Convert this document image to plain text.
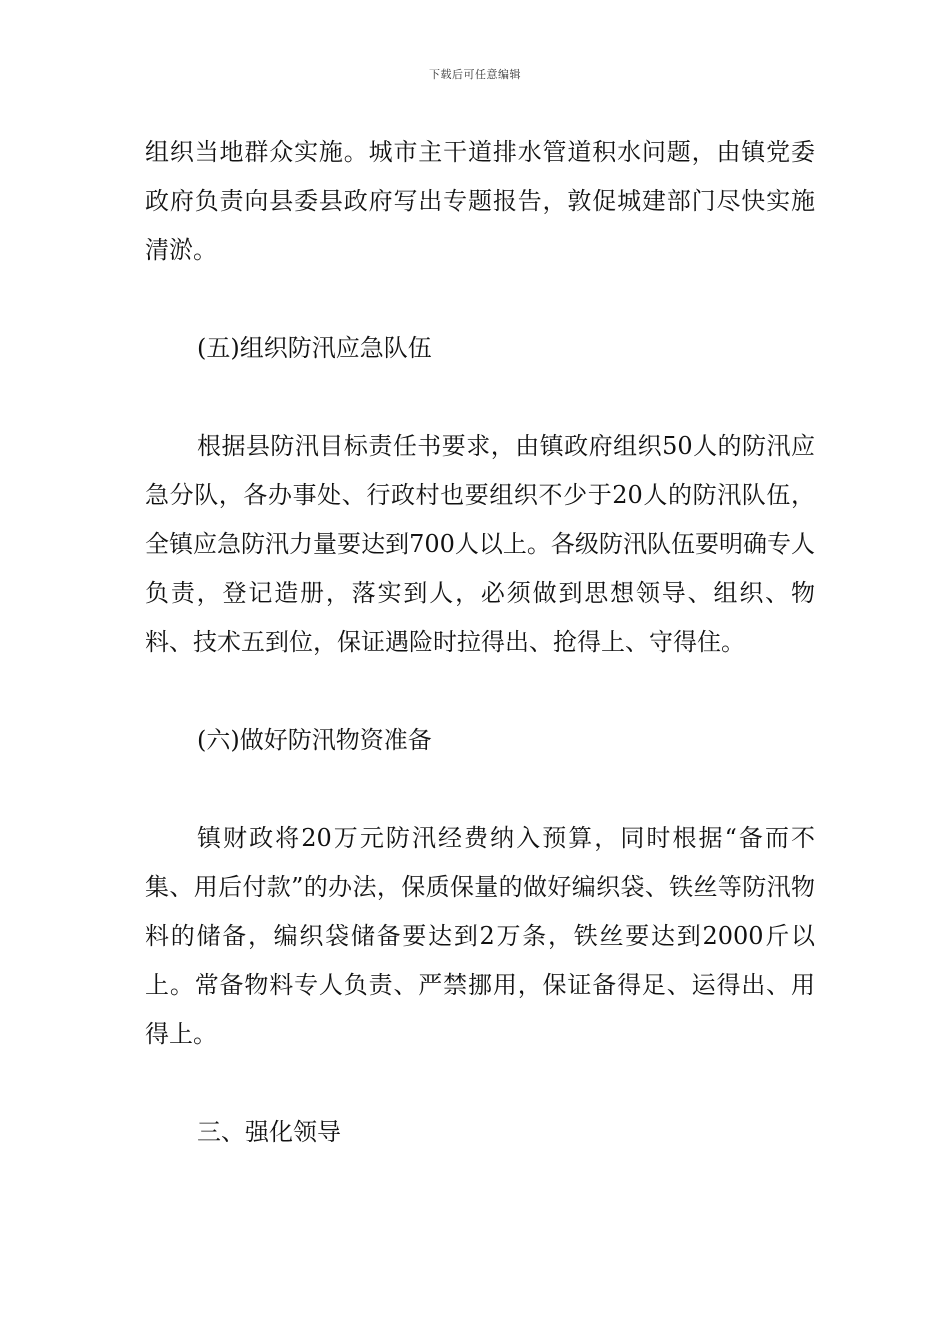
下载后可任意编辑

组织当地群众实施。城市主干道排水管道积水问题，由镇党委政府负责向县委县政府写出专题报告，敦促城建部门尽快实施清淤。

(五)组织防汛应急队伍

根据县防汛目标责任书要求，由镇政府组织50人的防汛应急分队，各办事处、行政村也要组织不少于20人的防汛队伍，全镇应急防汛力量要达到700人以上。各级防汛队伍要明确专人负责，登记造册，落实到人，必须做到思想领导、组织、物料、技术五到位，保证遇险时拉得出、抢得上、守得住。

(六)做好防汛物资准备

镇财政将20万元防汛经费纳入预算，同时根据“备而不集、用后付款”的办法，保质保量的做好编织袋、铁丝等防汛物料的储备，编织袋储备要达到2万条，铁丝要达到2000斤以上。常备物料专人负责、严禁挪用，保证备得足、运得出、用得上。

三、强化领导
